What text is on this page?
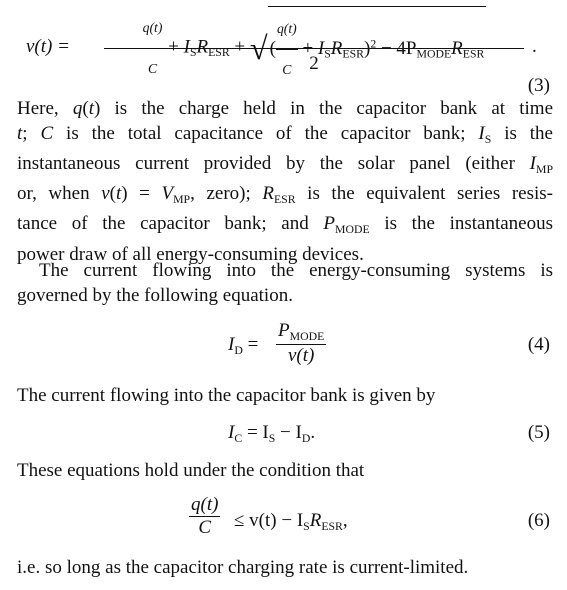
v(t) =	$\frac{q(t)}{C} + I_SR_{ESR}$ + √ ( $\frac{q(t)}{C} + I_SR_{ESR})^2 - 4P_{MODE}R_{ESR}$
2
.
(3)
Here, q(t) is the charge held in the capacitor bank at time
t; C is the total capacitance of the capacitor bank; $I_S$ is the
instantaneous current provided by the solar panel (either $I_{MP}$
or, when $v(t) = V_{MP}$, zero); $R_{ESR}$ is the equivalent series resis-
tance of the capacitor bank; and $P_{MODE}$ is the instantaneous
power draw of all energy-consuming devices.
The current flowing into the energy-consuming systems is governed by the following equation.
$I_D$ =
$P_{MODE}$
v(t)
(4)
The current flowing into the capacitor bank is given by
$I_C = I_S - I_D$.	(5)
These equations hold under the condition that
$\frac{q(t)}{C} \le v(t) - I_SR_{ESR}$,	(6)
i.e. so long as the capacitor charging rate is current-limited.
